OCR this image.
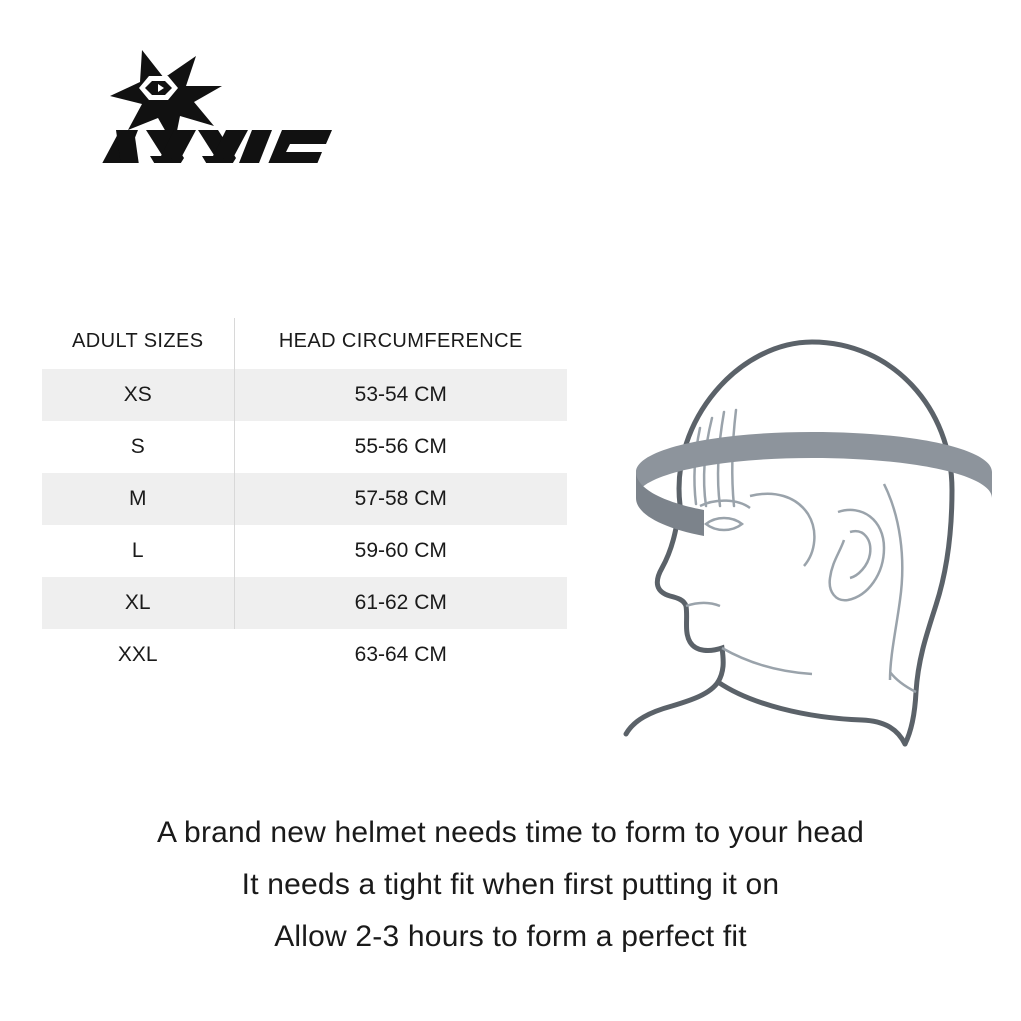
ADULT SIZES	HEAD CIRCUMFERENCE
XS	53-54 CM
S	55-56 CM
M	57-58 CM
L	59-60 CM
XL	61-62 CM
XXL	63-64 CM

A brand new helmet needs time to form to your head

It needs a tight fit when first putting it on

Allow 2-3 hours to form a perfect fit
